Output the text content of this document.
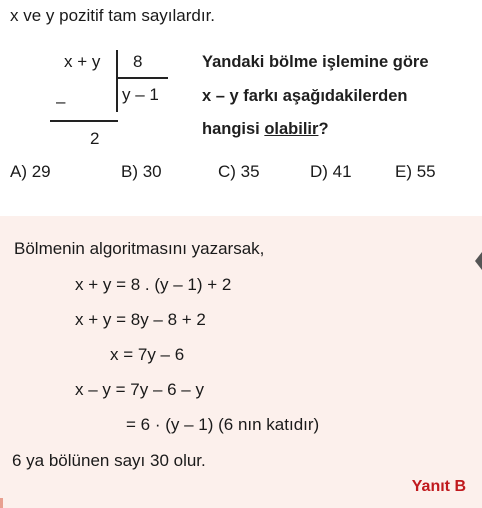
x ve y pozitif tam sayılardır.
x + y 8
y – 1
–
2
Yandaki bölme işlemine göre
x – y farkı aşağıdakilerden
hangisi olabilir?
A) 29	B) 30	C) 35	D) 41	E) 55
Bölmenin algoritmasını yazarsak,
x + y = 8 . (y – 1) + 2
x + y = 8y – 8 + 2
x = 7y – 6
x – y = 7y – 6 – y
= 6 · (y – 1) (6 nın katıdır)
6 ya bölünen sayı 30 olur.
Yanıt B
